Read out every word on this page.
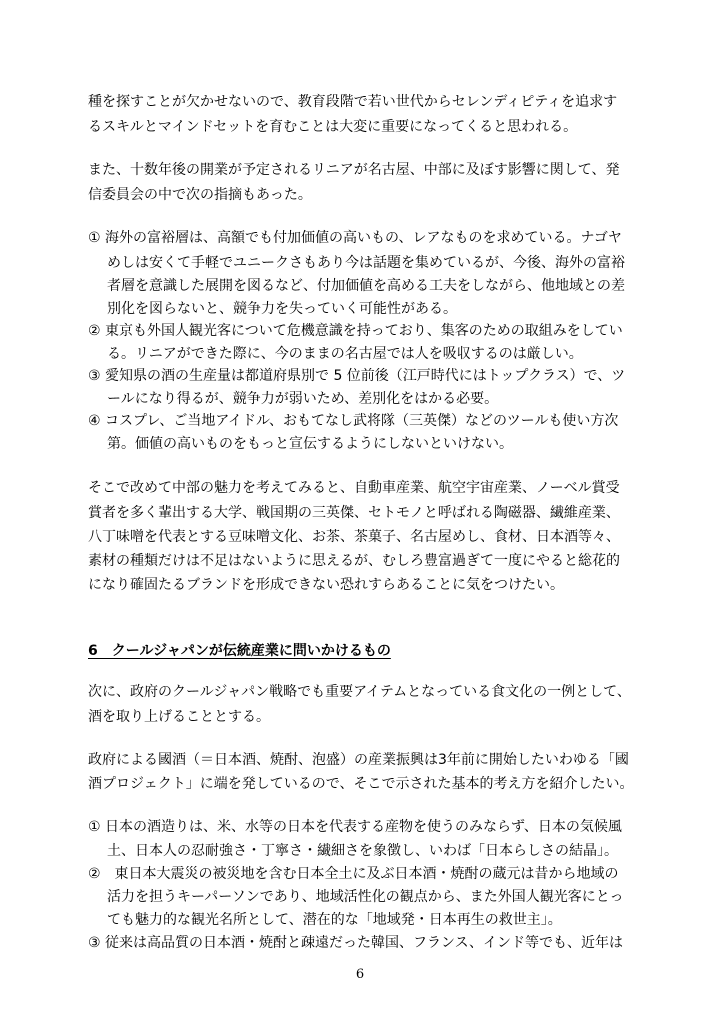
種を探すことが欠かせないので、教育段階で若い世代からセレンディピティを追求す
るスキルとマインドセットを育むことは大変に重要になってくると思われる。
また、十数年後の開業が予定されるリニアが名古屋、中部に及ぼす影響に関して、発
信委員会の中で次の指摘もあった。
① 海外の富裕層は、高額でも付加価値の高いもの、レアなものを求めている。ナゴヤ
めしは安くて手軽でユニークさもあり今は話題を集めているが、今後、海外の富裕
者層を意識した展開を図るなど、付加価値を高める工夫をしながら、他地域との差
別化を図らないと、競争力を失っていく可能性がある。
② 東京も外国人観光客について危機意識を持っており、集客のための取組みをしてい
る。リニアができた際に、今のままの名古屋では人を吸収するのは厳しい。
③ 愛知県の酒の生産量は都道府県別で 5 位前後（江戸時代にはトップクラス）で、ツ
ールになり得るが、競争力が弱いため、差別化をはかる必要。
④ コスプレ、ご当地アイドル、おもてなし武将隊（三英傑）などのツールも使い方次
第。価値の高いものをもっと宣伝するようにしないといけない。
そこで改めて中部の魅力を考えてみると、自動車産業、航空宇宙産業、ノーベル賞受
賞者を多く輩出する大学、戦国期の三英傑、セトモノと呼ばれる陶磁器、繊維産業、
八丁味噌を代表とする豆味噌文化、お茶、茶菓子、名古屋めし、食材、日本酒等々、
素材の種類だけは不足はないように思えるが、むしろ豊富過ぎて一度にやると総花的
になり確固たるブランドを形成できない恐れすらあることに気をつけたい。
6　クールジャパンが伝統産業に問いかけるもの
次に、政府のクールジャパン戦略でも重要アイテムとなっている食文化の一例として、
酒を取り上げることとする。
政府による國酒（＝日本酒、焼酎、泡盛）の産業振興は3年前に開始したいわゆる「國
酒プロジェクト」に端を発しているので、そこで示された基本的考え方を紹介したい。
① 日本の酒造りは、米、水等の日本を代表する産物を使うのみならず、日本の気候風
土、日本人の忍耐強さ・丁寧さ・繊細さを象徴し、いわば「日本らしさの結晶」。
②　東日本大震災の被災地を含む日本全土に及ぶ日本酒・焼酎の蔵元は昔から地域の
活力を担うキーパーソンであり、地域活性化の観点から、また外国人観光客にとっ
ても魅力的な観光名所として、潜在的な「地域発・日本再生の救世主」。
③ 従来は高品質の日本酒・焼酎と疎遠だった韓国、フランス、インド等でも、近年は
6
